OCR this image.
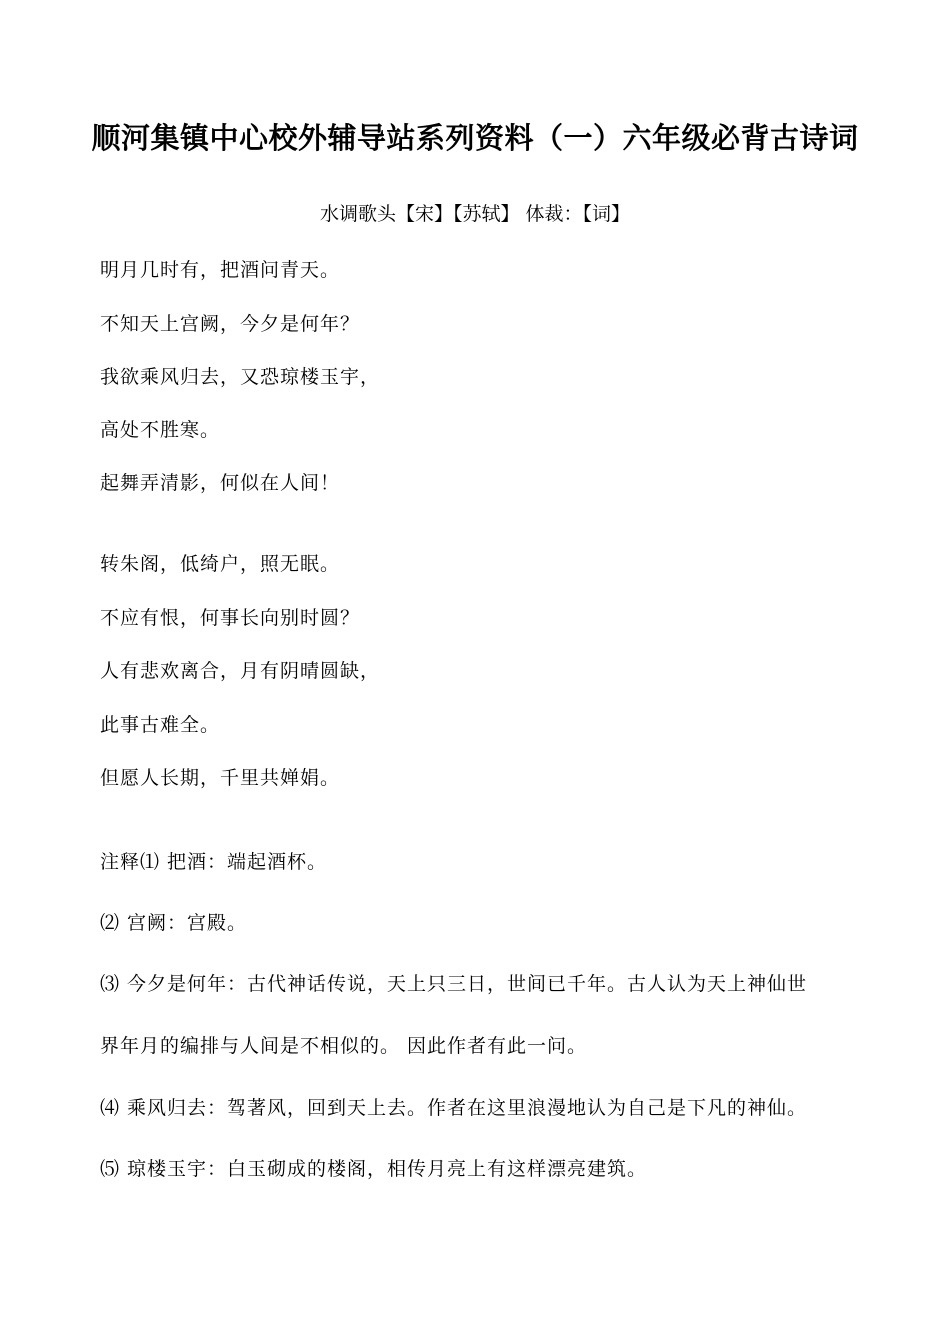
顺河集镇中心校外辅导站系列资料（一）六年级必背古诗词
水调歌头【宋】【苏轼】 体裁：【词】
明月几时有，把酒问青天。
不知天上宫阙，今夕是何年？
我欲乘风归去，又恐琼楼玉宇，
高处不胜寒。
起舞弄清影，何似在人间！
转朱阁，低绮户，照无眠。
不应有恨，何事长向别时圆？
人有悲欢离合，月有阴晴圆缺，
此事古难全。
但愿人长期，千里共婵娟。
注释⑴ 把酒：端起酒杯。
⑵ 宫阙：宫殿。
⑶ 今夕是何年：古代神话传说，天上只三日，世间已千年。古人认为天上神仙世
界年月的编排与人间是不相似的。 因此作者有此一问。
⑷ 乘风归去：驾著风，回到天上去。作者在这里浪漫地认为自己是下凡的神仙。
⑸ 琼楼玉宇：白玉砌成的楼阁，相传月亮上有这样漂亮建筑。
